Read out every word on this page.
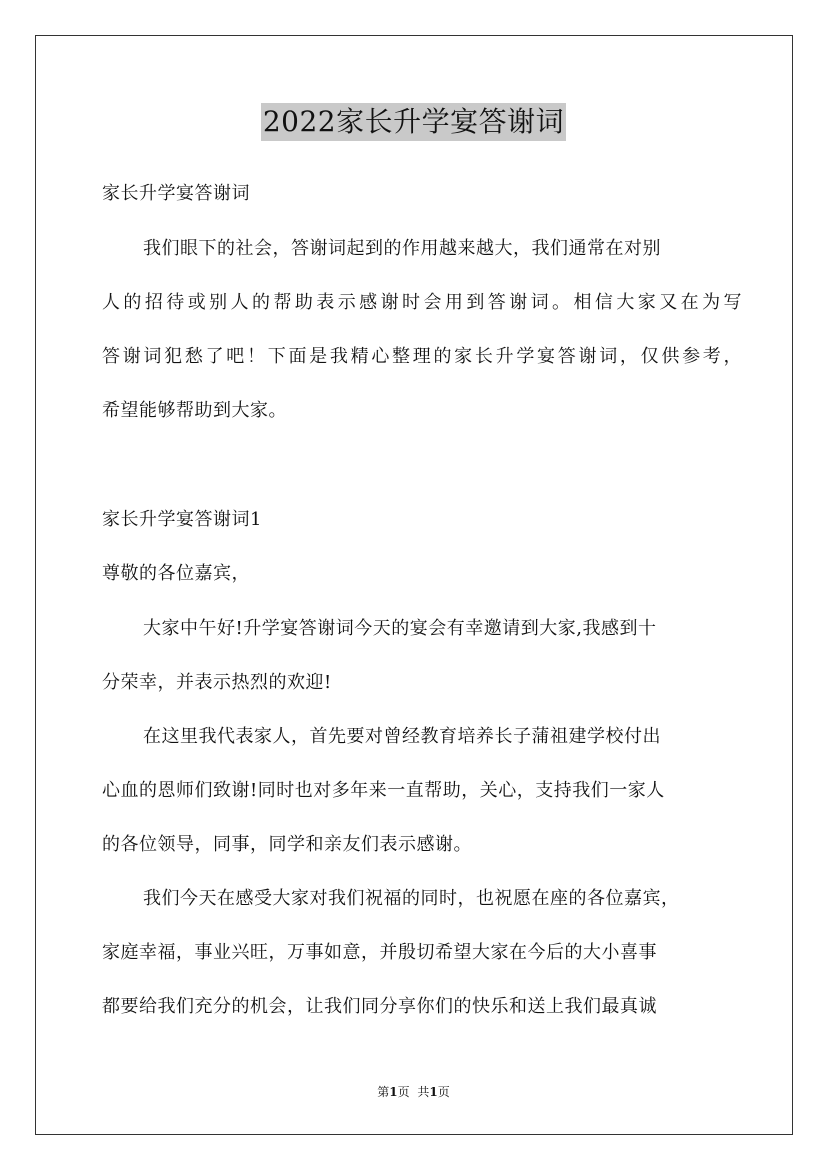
2022家长升学宴答谢词
家长升学宴答谢词
我们眼下的社会，答谢词起到的作用越来越大，我们通常在对别
人的招待或别人的帮助表示感谢时会用到答谢词。相信大家又在为写
答谢词犯愁了吧！下面是我精心整理的家长升学宴答谢词，仅供参考，
希望能够帮助到大家。
家长升学宴答谢词1
尊敬的各位嘉宾，
大家中午好!升学宴答谢词今天的宴会有幸邀请到大家,我感到十
分荣幸，并表示热烈的欢迎!
在这里我代表家人，首先要对曾经教育培养长子蒲祖建学校付出
心血的恩师们致谢!同时也对多年来一直帮助，关心，支持我们一家人
的各位领导，同事，同学和亲友们表示感谢。
我们今天在感受大家对我们祝福的同时，也祝愿在座的各位嘉宾，
家庭幸福，事业兴旺，万事如意，并殷切希望大家在今后的大小喜事
都要给我们充分的机会，让我们同分享你们的快乐和送上我们最真诚
第1页 共1页
